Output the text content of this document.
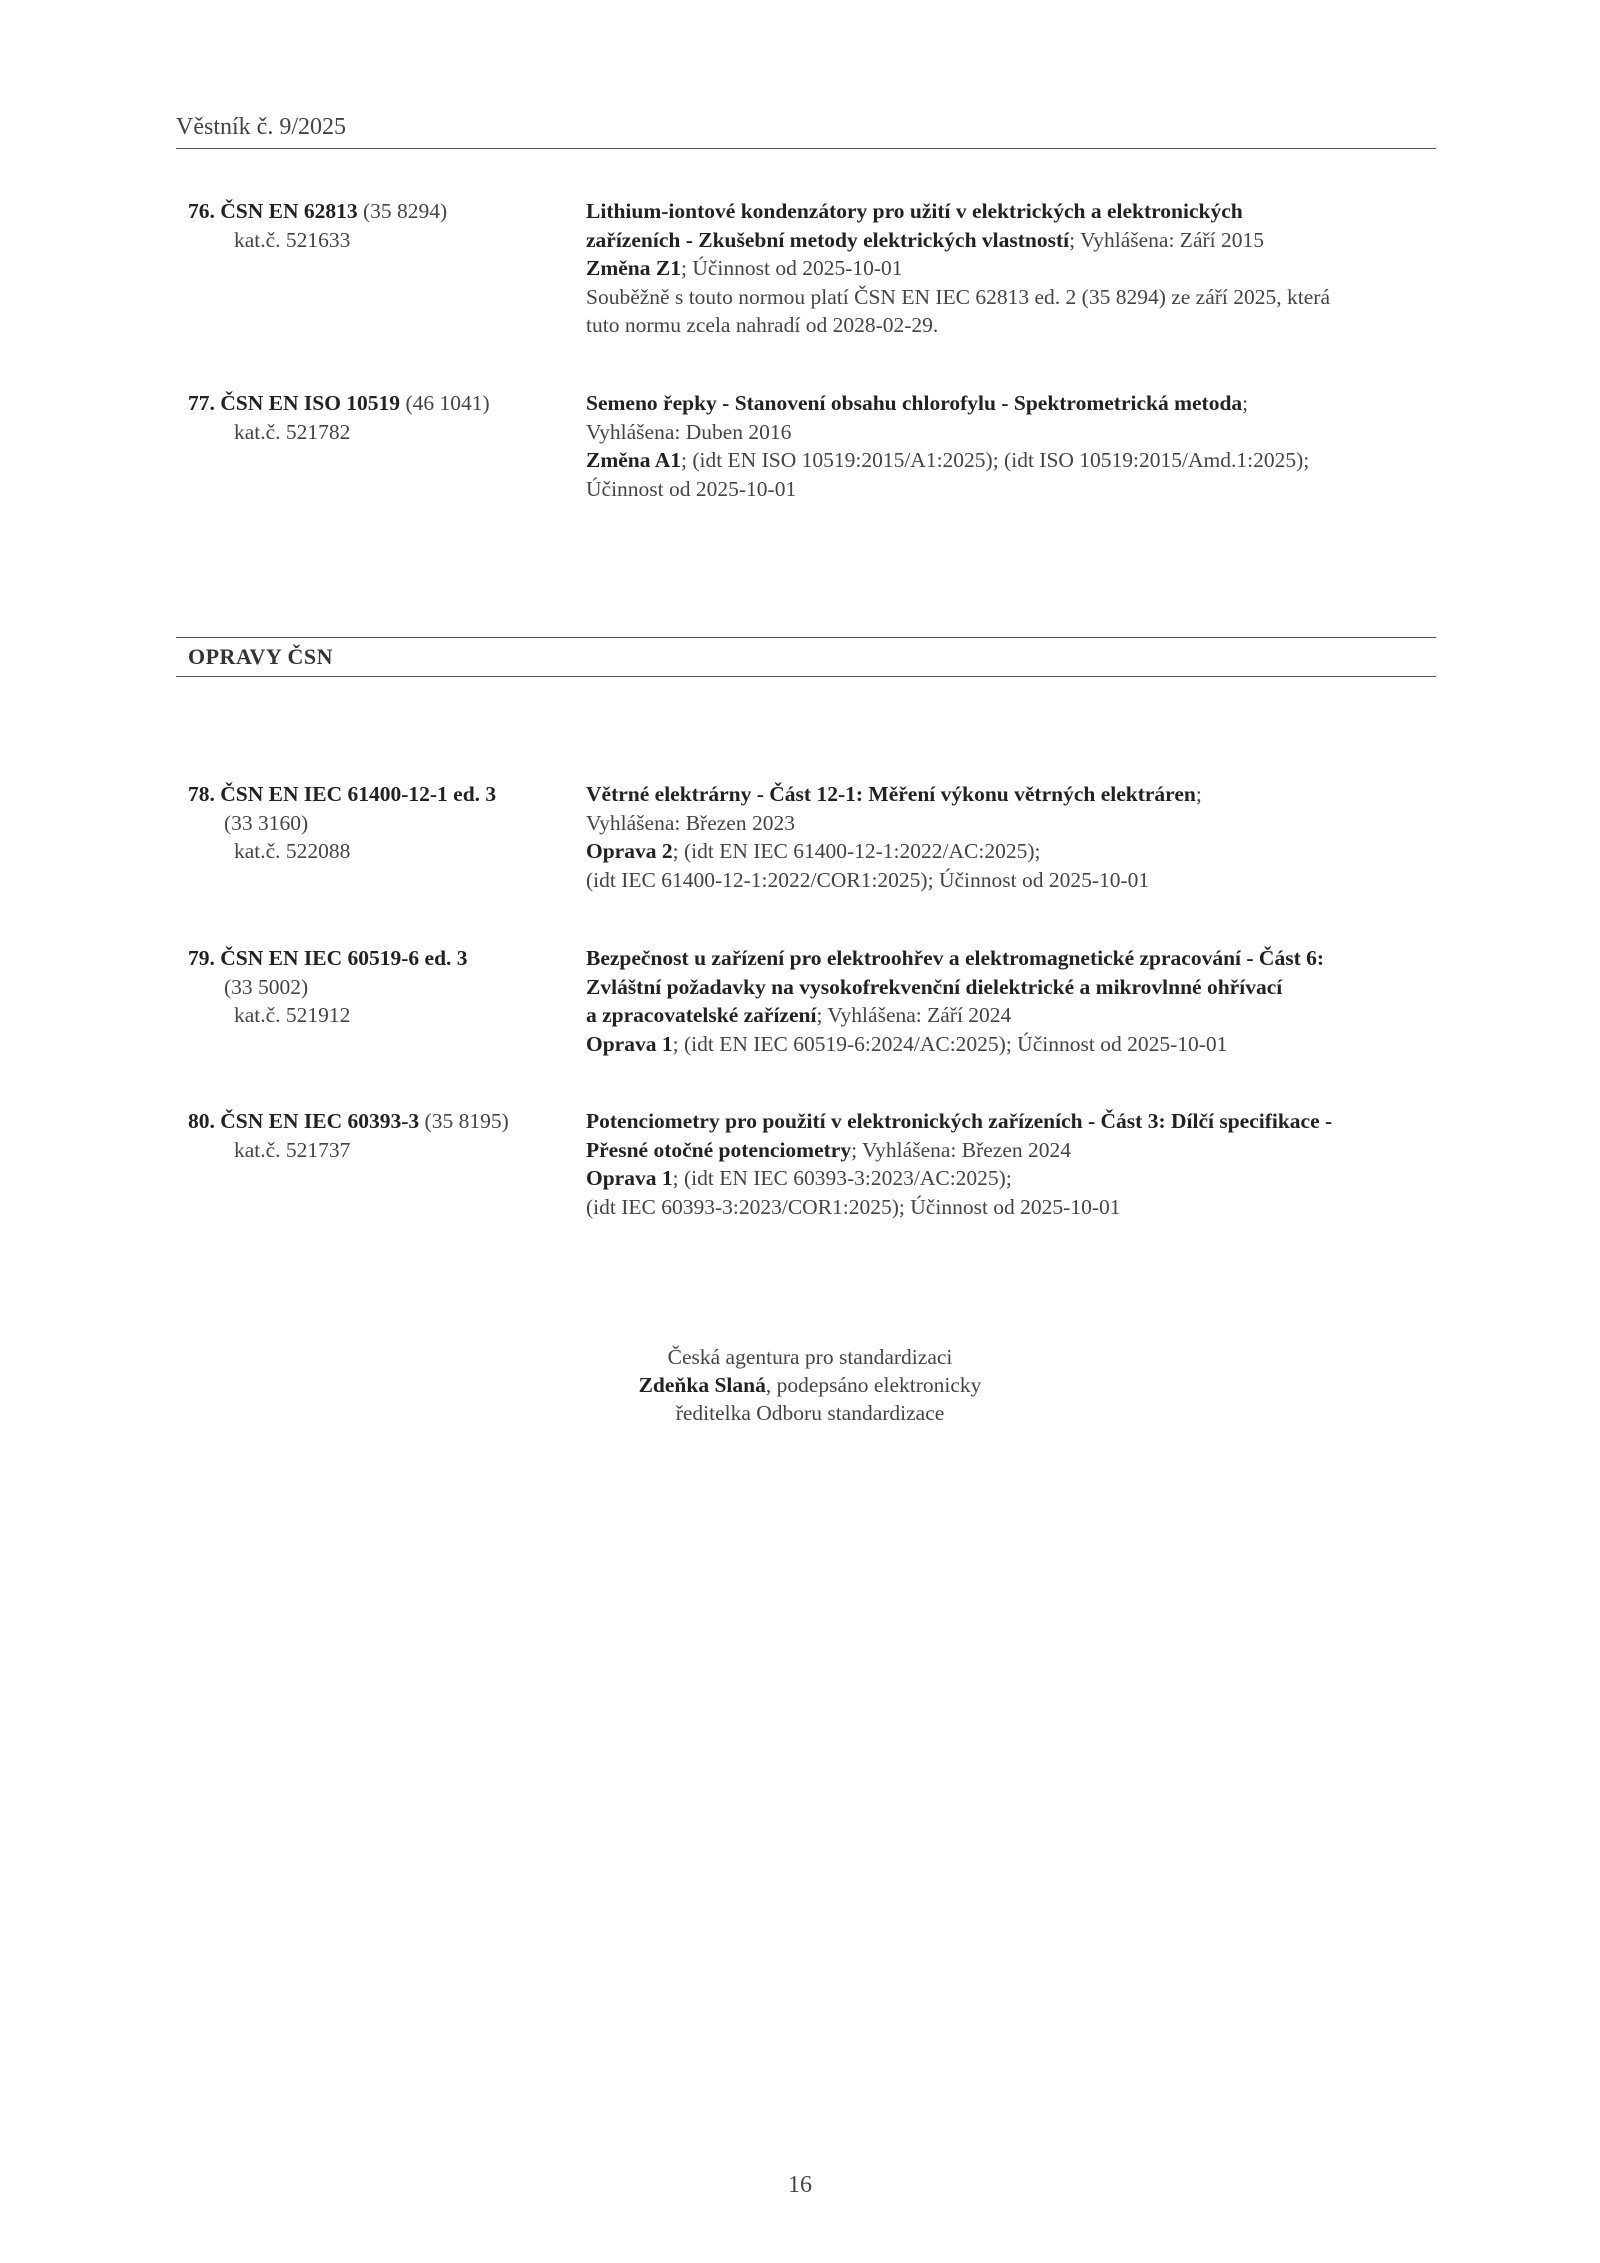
Věstník č. 9/2025
76. ČSN EN 62813 (35 8294)
kat.č. 521633
Lithium-iontové kondenzátory pro užití v elektrických a elektronických
zařízeních - Zkušební metody elektrických vlastností; Vyhlášena: Září 2015
Změna Z1; Účinnost od 2025-10-01
Souběžně s touto normou platí ČSN EN IEC 62813 ed. 2 (35 8294) ze září 2025, která
tuto normu zcela nahradí od 2028-02-29.
77. ČSN EN ISO 10519 (46 1041)
kat.č. 521782
Semeno řepky - Stanovení obsahu chlorofylu - Spektrometrická metoda;
Vyhlášena: Duben 2016
Změna A1; (idt EN ISO 10519:2015/A1:2025); (idt ISO 10519:2015/Amd.1:2025);
Účinnost od 2025-10-01
OPRAVY ČSN
78. ČSN EN IEC 61400-12-1 ed. 3
(33 3160)
kat.č. 522088
Větrné elektrárny - Část 12-1: Měření výkonu větrných elektráren;
Vyhlášena: Březen 2023
Oprava 2; (idt EN IEC 61400-12-1:2022/AC:2025);
(idt IEC 61400-12-1:2022/COR1:2025); Účinnost od 2025-10-01
79. ČSN EN IEC 60519-6 ed. 3
(33 5002)
kat.č. 521912
Bezpečnost u zařízení pro elektroohřev a elektromagnetické zpracování - Část 6:
Zvláštní požadavky na vysokofrekvenční dielektrické a mikrovlnné ohřívací
a zpracovatelské zařízení; Vyhlášena: Září 2024
Oprava 1; (idt EN IEC 60519-6:2024/AC:2025); Účinnost od 2025-10-01
80. ČSN EN IEC 60393-3 (35 8195)
kat.č. 521737
Potenciometry pro použití v elektronických zařízeních - Část 3: Dílčí specifikace -
Přesné otočné potenciometry; Vyhlášena: Březen 2024
Oprava 1; (idt EN IEC 60393-3:2023/AC:2025);
(idt IEC 60393-3:2023/COR1:2025); Účinnost od 2025-10-01
Česká agentura pro standardizaci
Zdeňka Slaná, podepsáno elektronicky
ředitelka Odboru standardizace
16
